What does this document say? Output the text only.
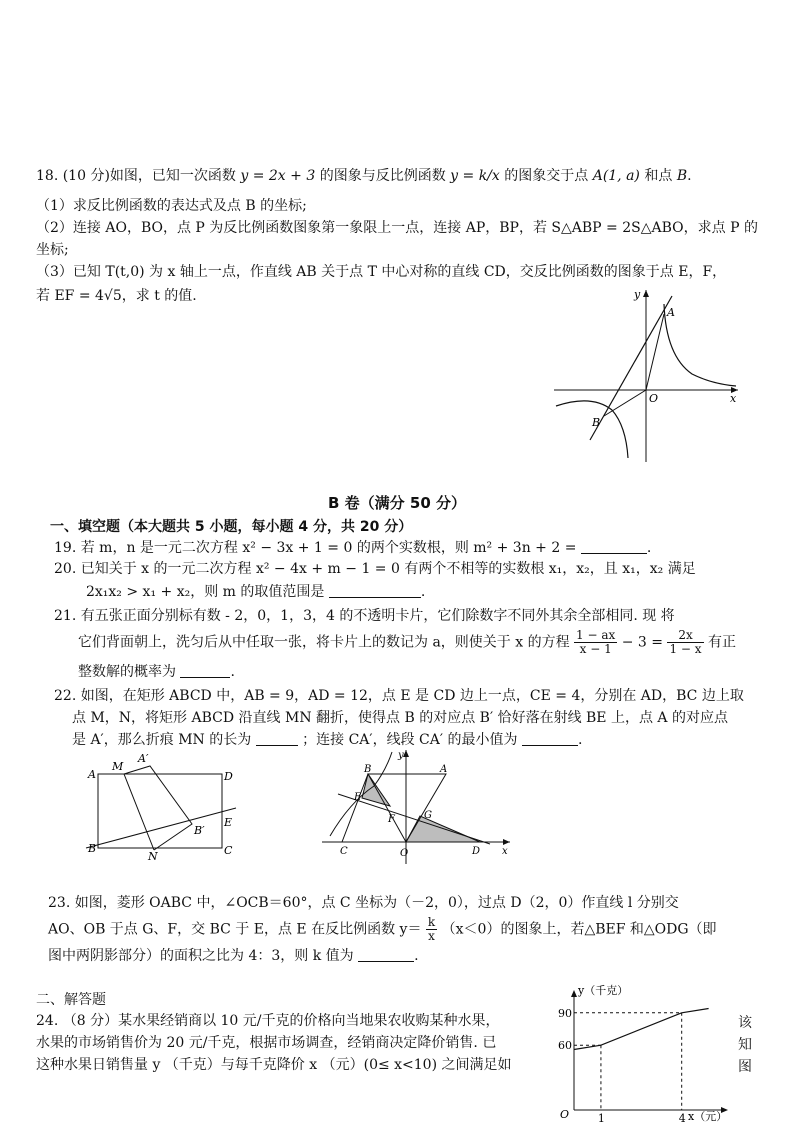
18. (10 分)如图，已知一次函数 y = 2x + 3 的图象与反比例函数 y = k/x 的图象交于点 A(1, a) 和点 B.
（1）求反比例函数的表达式及点 B 的坐标;
（2）连接 AO，BO，点 P 为反比例函数图象第一象限上一点，连接 AP，BP，若 S△ABP = 2S△ABO，求点 P 的
坐标;
（3）已知 T(t,0) 为 x 轴上一点，作直线 AB 关于点 T 中心对称的直线 CD，交反比例函数的图象于点 E，F，
若 EF = 4√5，求 t 的值.
A
B
O	x
y
B 卷（满分 50 分）
一、填空题（本大题共 5 小题，每小题 4 分，共 20 分）
19. 若 m，n 是一元二次方程 x² − 3x + 1 = 0 的两个实数根，则 m² + 3n + 2 =	.
20. 已知关于 x 的一元二次方程 x² − 4x + m − 1 = 0 有两个不相等的实数根 x₁，x₂，且 x₁，x₂ 满足
2x₁x₂ > x₁ + x₂，则 m 的取值范围是	.
21. 有五张正面分别标有数 - 2，0，1，3，4 的不透明卡片，它们除数字不同外其余全部相同. 现 将
它们背面朝上，洗匀后从中任取一张，将卡片上的数记为 a，则使关于 x 的方程 $\frac{1 - ax}{x - 1} - 3 = \frac{2x}{1 - x}$ 有正
整数解的概率为	.
22. 如图，在矩形 ABCD 中，AB = 9，AD = 12，点 E 是 CD 边上一点，CE = 4，分别在 AD，BC 边上取
点 M，N，将矩形 ABCD 沿直线 MN 翻折，使得点 B 的对应点 B′ 恰好落在射线 BE 上，点 A 的对应点
是 A′，那么折痕 MN 的长为	；连接 CA′，线段 CA′ 的最小值为	.
A
M
A′
D
B′
E
B
N	C
y
B	A
E
F	G
C	O	D x
23. 如图，菱形 OABC 中，∠OCB＝60°，点 C 坐标为（－2，0），过点 D（2，0）作直线 l 分别交
AO、OB 于点 G、F，交 BC 于 E，点 E 在反比例函数 $y= \frac{k}{x} (x<0)$的图象上，若△BEF 和△ODG（即
图中两阴影部分）的面积之比为 4：3，则 k 值为	.
二、解答题
24. （8 分）某水果经销商以 10 元/千克的价格向当地果农收购某种水果，
水果的市场销售价为 20 元/千克，根据市场调查，经销商决定降价销售. 已
这种水果日销售量 y （千克）与每千克降价 x （元）(0≤ x<10) 之间满足如
该
知
图
1	4
60
90
y（千克）
x（元）
O
